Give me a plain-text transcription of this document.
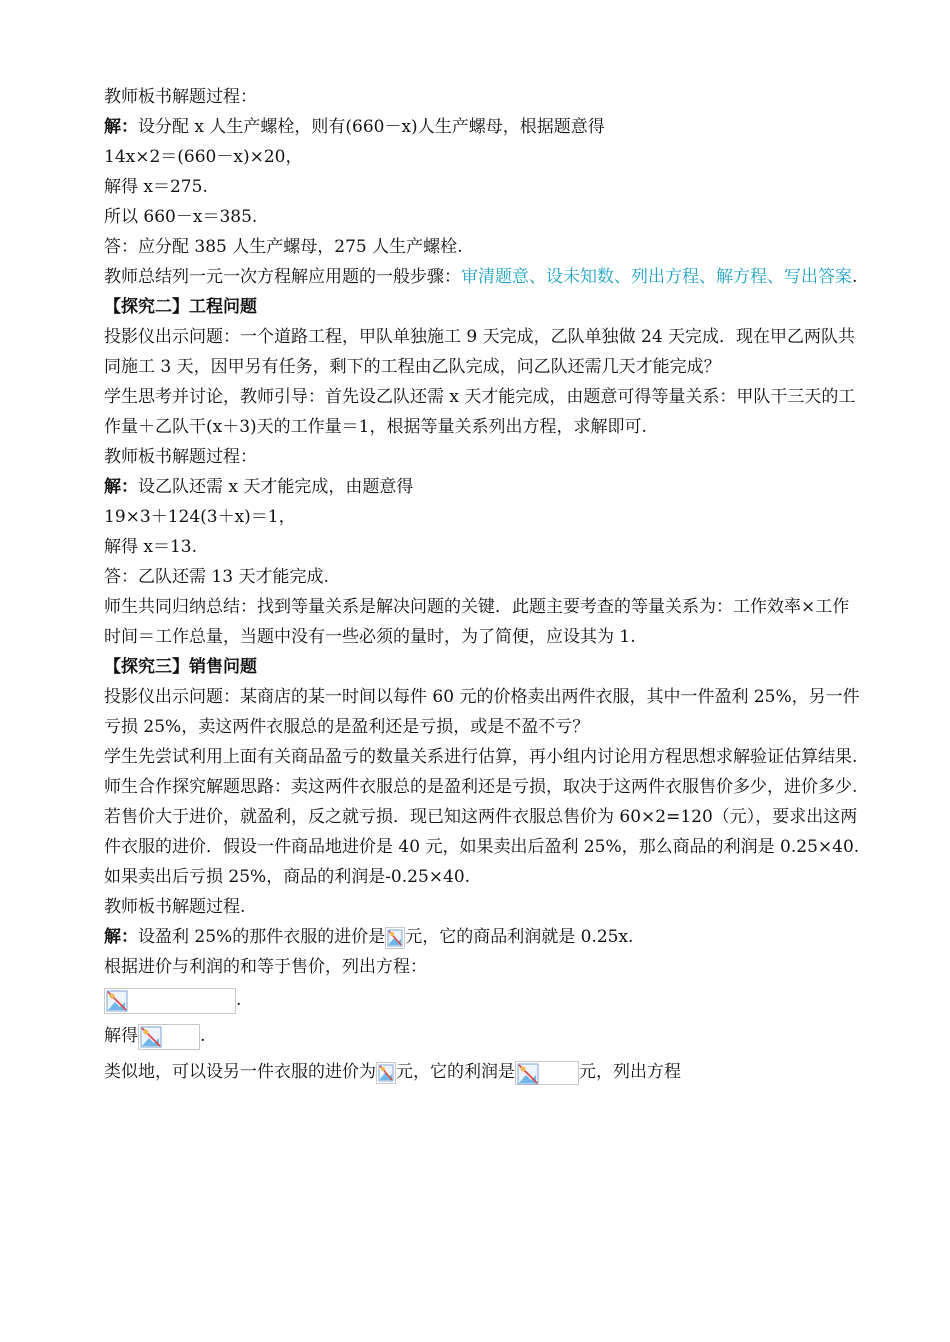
教师板书解题过程：
解：设分配 x 人生产螺栓，则有(660－x)人生产螺母，根据题意得
14x×2＝(660－x)×20，
解得 x＝275.
所以 660－x＝385.
答：应分配 385 人生产螺母，275 人生产螺栓.
教师总结列一元一次方程解应用题的一般步骤：审清题意、设未知数、列出方程、解方程、写出答案.
【探究二】工程问题
投影仪出示问题：一个道路工程，甲队单独施工 9 天完成，乙队单独做 24 天完成．现在甲乙两队共同施工 3 天，因甲另有任务，剩下的工程由乙队完成，问乙队还需几天才能完成？
学生思考并讨论，教师引导：首先设乙队还需 x 天才能完成，由题意可得等量关系：甲队干三天的工作量＋乙队干(x＋3)天的工作量＝1，根据等量关系列出方程，求解即可.
教师板书解题过程：
解：设乙队还需 x 天才能完成，由题意得
19×3＋124(3＋x)＝1，
解得 x＝13.
答：乙队还需 13 天才能完成.
师生共同归纳总结：找到等量关系是解决问题的关键．此题主要考查的等量关系为：工作效率×工作时间＝工作总量，当题中没有一些必须的量时，为了简便，应设其为 1.
【探究三】销售问题
投影仪出示问题：某商店的某一时间以每件 60 元的价格卖出两件衣服，其中一件盈利 25%，另一件亏损 25%，卖这两件衣服总的是盈利还是亏损，或是不盈不亏？
学生先尝试利用上面有关商品盈亏的数量关系进行估算，再小组内讨论用方程思想求解验证估算结果.
师生合作探究解题思路：卖这两件衣服总的是盈利还是亏损，取决于这两件衣服售价多少，进价多少.若售价大于进价，就盈利，反之就亏损．现已知这两件衣服总售价为 60×2=120（元），要求出这两件衣服的进价．假设一件商品地进价是 40 元，如果卖出后盈利 25%，那么商品的利润是 0.25×40.如果卖出后亏损 25%，商品的利润是-0.25×40.
教师板书解题过程.
解：设盈利 25%的那件衣服的进价是 元，它的商品利润就是 0.25x.
根据进价与利润的和等于售价，列出方程：
.
解得	.
类似地，可以设另一件衣服的进价为 元，它的利润是	元，列出方程
